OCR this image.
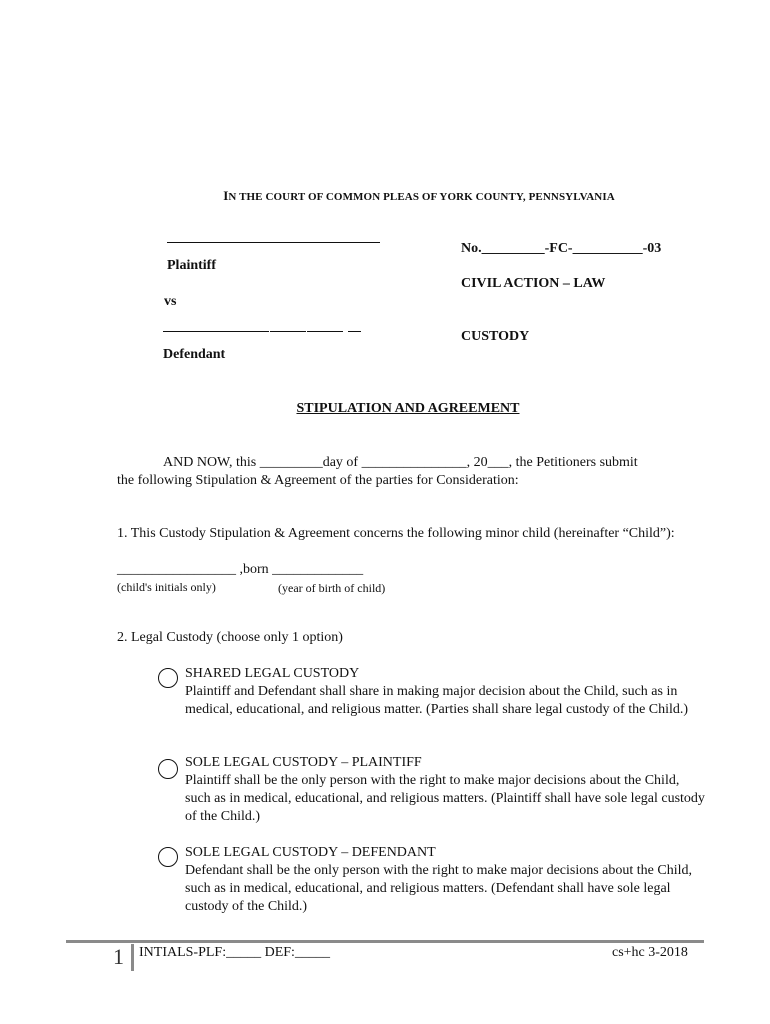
IN THE COURT OF COMMON PLEAS OF YORK COUNTY, PENNSYLVANIA
Plaintiff
vs
Defendant
No._________-FC-__________-03
CIVIL ACTION – LAW
CUSTODY
STIPULATION AND AGREEMENT
AND NOW, this _________day of _______________, 20___, the Petitioners submit
the following Stipulation & Agreement of the parties for Consideration:
1. This Custody Stipulation & Agreement concerns the following minor child (hereinafter “Child”):
_________________ ,born _____________
(child's initials only)	(year of birth of child)
2. Legal Custody (choose only 1 option)
SHARED LEGAL CUSTODY
Plaintiff and Defendant shall share in making major decision about the Child, such as in medical, educational, and religious matter. (Parties shall share legal custody of the Child.)
SOLE LEGAL CUSTODY – PLAINTIFF
Plaintiff shall be the only person with the right to make major decisions about the Child, such as in medical, educational, and religious matters. (Plaintiff shall have sole legal custody of the Child.)
SOLE LEGAL CUSTODY – DEFENDANT
Defendant shall be the only person with the right to make major decisions about the Child, such as in medical, educational, and religious matters. (Defendant shall have sole legal custody of the Child.)
1 INTIALS-PLF:_____ DEF:_____	cs+hc 3-2018
